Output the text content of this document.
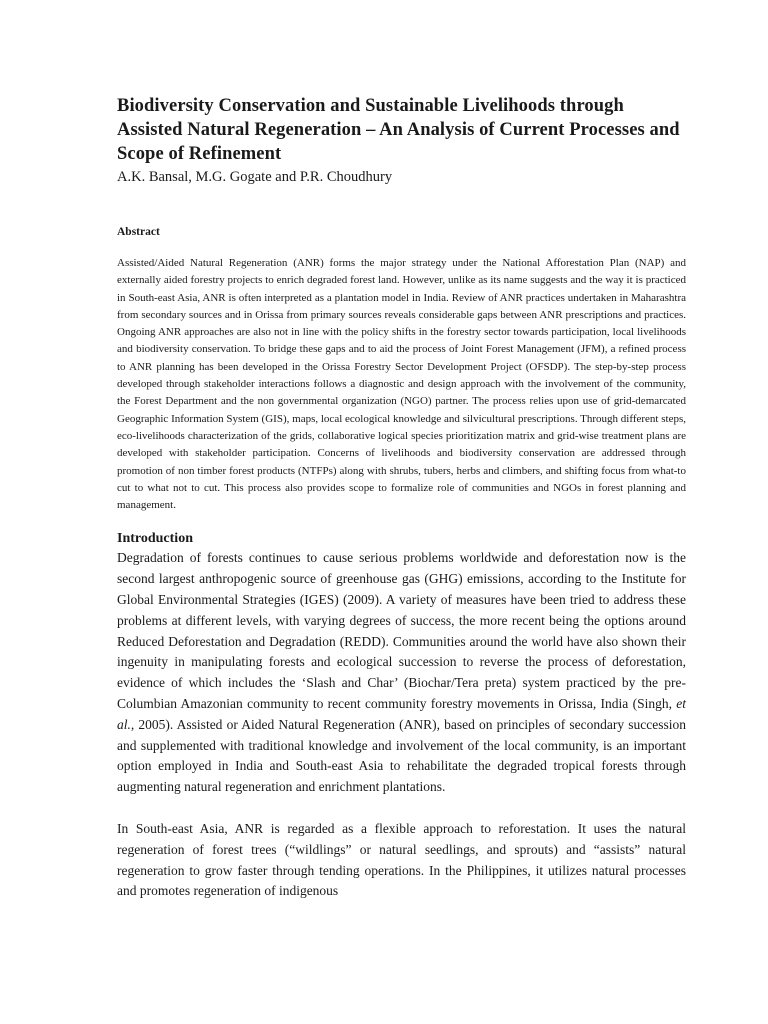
Biodiversity Conservation and Sustainable Livelihoods through Assisted Natural Regeneration – An Analysis of Current Processes and Scope of Refinement

A.K. Bansal, M.G. Gogate and P.R. Choudhury

Abstract

Assisted/Aided Natural Regeneration (ANR) forms the major strategy under the National Afforestation Plan (NAP) and externally aided forestry projects to enrich degraded forest land. However, unlike as its name suggests and the way it is practiced in South-east Asia, ANR is often interpreted as a plantation model in India. Review of ANR practices undertaken in Maharashtra from secondary sources and in Orissa from primary sources reveals considerable gaps between ANR prescriptions and practices. Ongoing ANR approaches are also not in line with the policy shifts in the forestry sector towards participation, local livelihoods and biodiversity conservation. To bridge these gaps and to aid the process of Joint Forest Management (JFM), a refined process to ANR planning has been developed in the Orissa Forestry Sector Development Project (OFSDP). The step-by-step process developed through stakeholder interactions follows a diagnostic and design approach with the involvement of the community, the Forest Department and the non governmental organization (NGO) partner. The process relies upon use of grid-demarcated Geographic Information System (GIS), maps, local ecological knowledge and silvicultural prescriptions. Through different steps, eco-livelihoods characterization of the grids, collaborative logical species prioritization matrix and grid-wise treatment plans are developed with stakeholder participation. Concerns of livelihoods and biodiversity conservation are addressed through promotion of non timber forest products (NTFPs) along with shrubs, tubers, herbs and climbers, and shifting focus from what-to cut to what not to cut. This process also provides scope to formalize role of communities and NGOs in forest planning and management.

Introduction

Degradation of forests continues to cause serious problems worldwide and deforestation now is the second largest anthropogenic source of greenhouse gas (GHG) emissions, according to the Institute for Global Environmental Strategies (IGES) (2009). A variety of measures have been tried to address these problems at different levels, with varying degrees of success, the more recent being the options around Reduced Deforestation and Degradation (REDD). Communities around the world have also shown their ingenuity in manipulating forests and ecological succession to reverse the process of deforestation, evidence of which includes the ‘Slash and Char’ (Biochar/Tera preta) system practiced by the pre-Columbian Amazonian community to recent community forestry movements in Orissa, India (Singh, et al., 2005). Assisted or Aided Natural Regeneration (ANR), based on principles of secondary succession and supplemented with traditional knowledge and involvement of the local community, is an important option employed in India and South-east Asia to rehabilitate the degraded tropical forests through augmenting natural regeneration and enrichment plantations.

In South-east Asia, ANR is regarded as a flexible approach to reforestation. It uses the natural regeneration of forest trees (“wildlings” or natural seedlings, and sprouts) and “assists” natural regeneration to grow faster through tending operations. In the Philippines, it utilizes natural processes and promotes regeneration of indigenous
